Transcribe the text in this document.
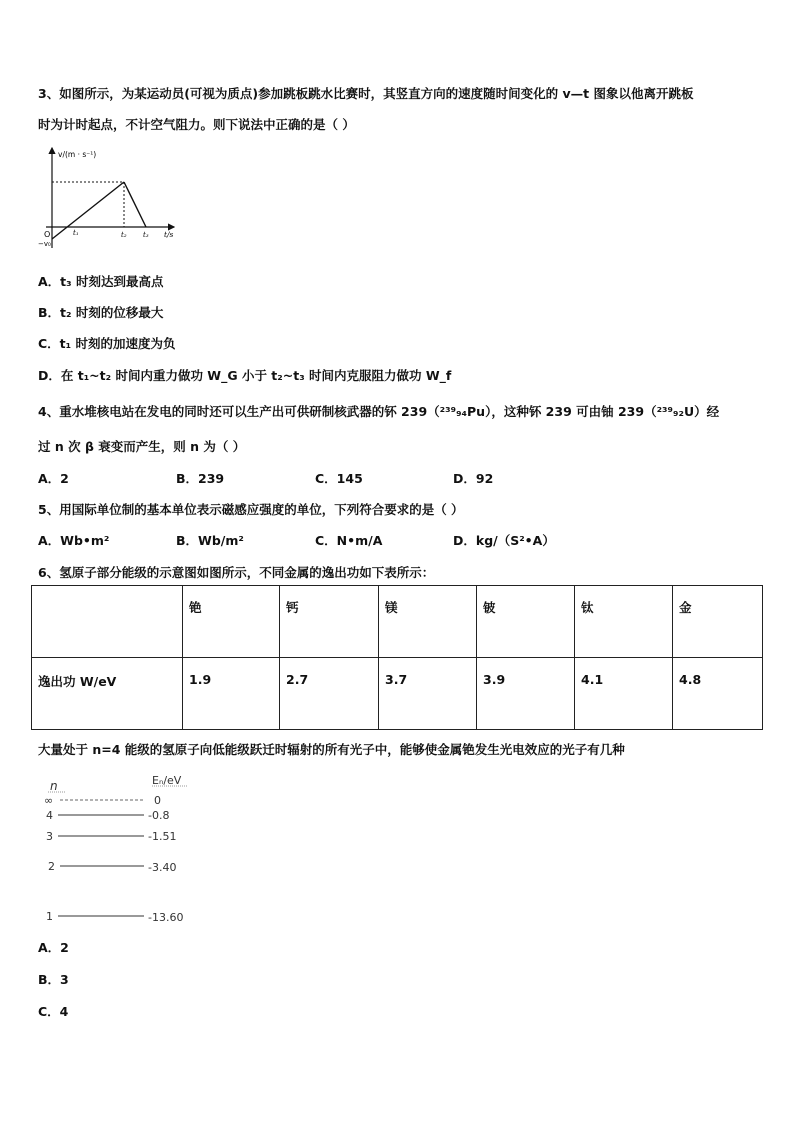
3、如图所示，为某运动员(可视为质点)参加跳板跳水比赛时，其竖直方向的速度随时间变化的 v—t 图象以他离开跳板
时为计时起点，不计空气阻力。则下说法中正确的是（ ）
v/(m · s⁻¹)
t/s
O
−v₀
t₁	t₂ t₃
A．t₃ 时刻达到最高点
B．t₂ 时刻的位移最大
C．t₁ 时刻的加速度为负
D．在 t₁~t₂ 时间内重力做功 W_G 小于 t₂~t₃ 时间内克服阻力做功 W_f
4、重水堆核电站在发电的同时还可以生产出可供研制核武器的钚 239（²³⁹₉₄Pu），这种钚 239 可由铀 239（²³⁹₉₂U）经
过 n 次 β 衰变而产生，则 n 为（ ）
A．2	B．239	C．145	D．92
5、用国际单位制的基本单位表示磁感应强度的单位，下列符合要求的是（ ）
A．Wb•m²	B．Wb/m²	C．N•m/A	D．kg/（S²•A）
6、氢原子部分能级的示意图如图所示，不同金属的逸出功如下表所示：
	铯	钙	镁	铍	钛	金
逸出功 W/eV	1.9	2.7	3.7	3.9	4.1	4.8
大量处于 n=4 能级的氢原子向低能级跃迁时辐射的所有光子中，能够使金属铯发生光电效应的光子有几种
n	Eₙ/eV
∞	0
4	-0.8
3	-1.51
2	-3.40
1	-13.60
A．2
B．3
C．4
